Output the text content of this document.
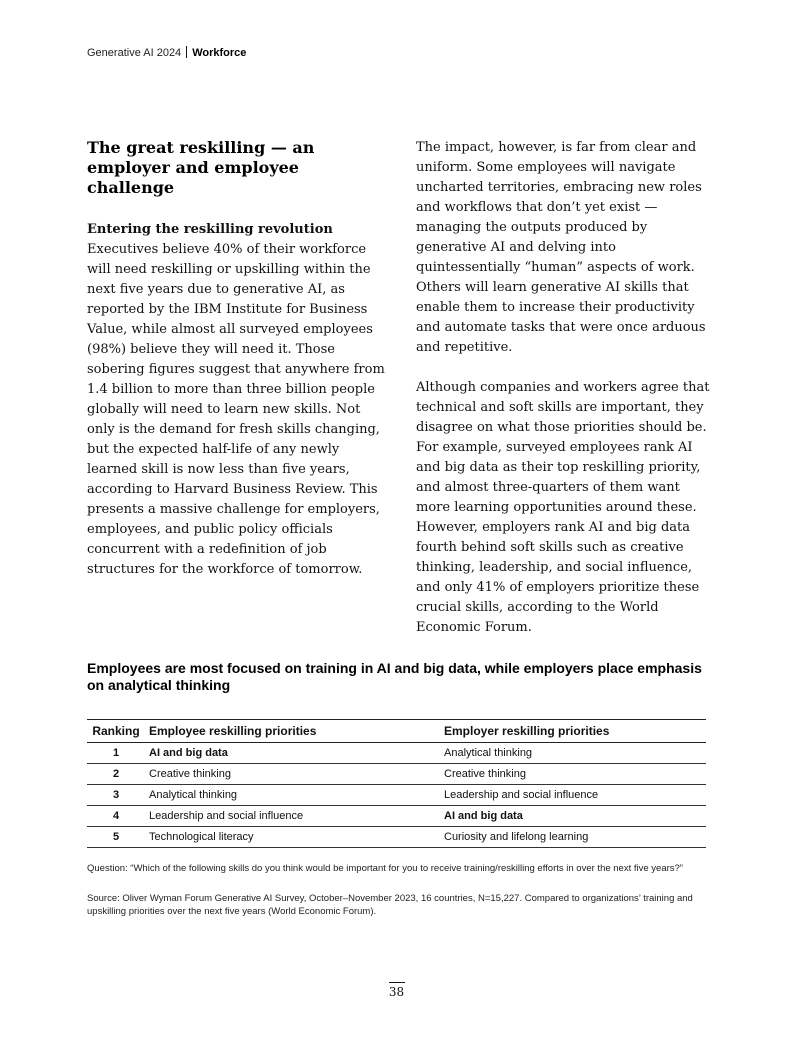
Generative AI 2024 Workforce
The great reskilling — an employer and employee challenge

Entering the reskilling revolution

Executives believe 40% of their workforce will need reskilling or upskilling within the next five years due to generative AI, as reported by the IBM Institute for Business Value, while almost all surveyed employees (98%) believe they will need it. Those sobering figures suggest that anywhere from 1.4 billion to more than three billion people globally will need to learn new skills. Not only is the demand for fresh skills changing, but the expected half-life of any newly learned skill is now less than five years, according to Harvard Business Review. This presents a massive challenge for employers, employees, and public policy officials concurrent with a redefinition of job structures for the workforce of tomorrow.

The impact, however, is far from clear and uniform. Some employees will navigate uncharted territories, embracing new roles and workflows that don’t yet exist — managing the outputs produced by generative AI and delving into quintessentially “human” aspects of work. Others will learn generative AI skills that enable them to increase their productivity and automate tasks that were once arduous and repetitive.

Although companies and workers agree that technical and soft skills are important, they disagree on what those priorities should be. For example, surveyed employees rank AI and big data as their top reskilling priority, and almost three-quarters of them want more learning opportunities around these. However, employers rank AI and big data fourth behind soft skills such as creative thinking, leadership, and social influence, and only 41% of employers prioritize these crucial skills, according to the World Economic Forum.

Employees are most focused on training in AI and big data, while employers place emphasis on analytical thinking
Ranking	Employee reskilling priorities	Employer reskilling priorities
1	AI and big data	Analytical thinking
2	Creative thinking	Creative thinking
3	Analytical thinking	Leadership and social influence
4	Leadership and social influence	AI and big data
5	Technological literacy	Curiosity and lifelong learning

Question: “Which of the following skills do you think would be important for you to receive training/reskilling efforts in over the next five years?”

Source: Oliver Wyman Forum Generative AI Survey, October–November 2023, 16 countries, N=15,227. Compared to organizations’ training and upskilling priorities over the next five years (World Economic Forum).

38
